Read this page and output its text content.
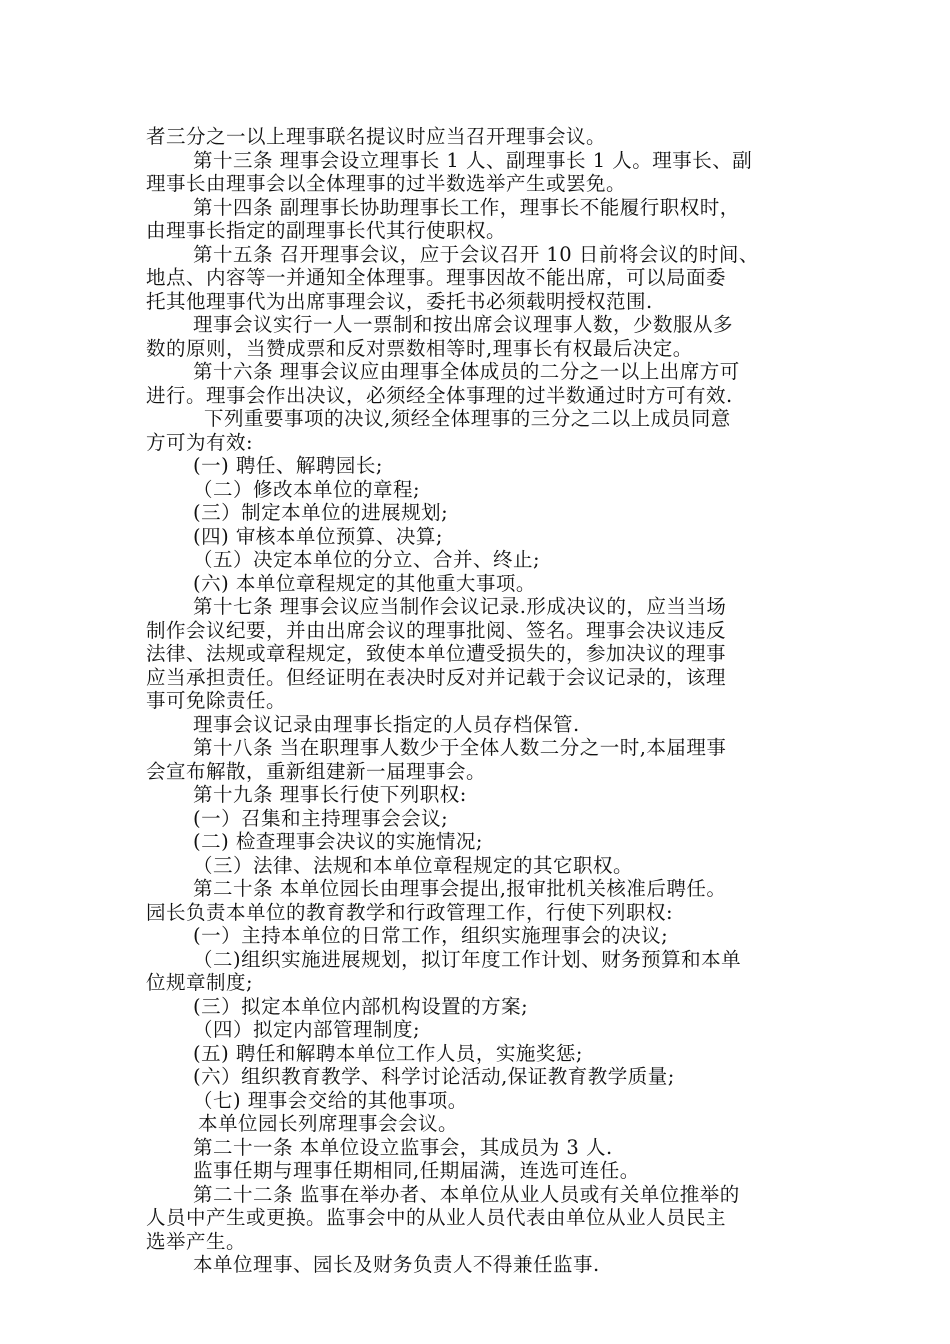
者三分之一以上理事联名提议时应当召开理事会议。
第十三条 理事会设立理事长 1 人、副理事长 1 人。理事长、副
理事长由理事会以全体理事的过半数选举产生或罢免。
第十四条 副理事长协助理事长工作，理事长不能履行职权时，
由理事长指定的副理事长代其行使职权。
第十五条 召开理事会议，应于会议召开 10 日前将会议的时间、
地点、内容等一并通知全体理事。理事因故不能出席，可以局面委
托其他理事代为出席事理会议，委托书必须载明授权范围.
理事会议实行一人一票制和按出席会议理事人数，少数服从多
数的原则，当赞成票和反对票数相等时,理事长有权最后决定。
第十六条 理事会议应由理事全体成员的二分之一以上出席方可
进行。理事会作出决议，必须经全体事理的过半数通过时方可有效.
下列重要事项的决议,须经全体理事的三分之二以上成员同意
方可为有效:
(一) 聘任、解聘园长;
（二）修改本单位的章程;
(三）制定本单位的进展规划;
(四) 审核本单位预算、决算;
（五）决定本单位的分立、合并、终止;
(六) 本单位章程规定的其他重大事项。
第十七条 理事会议应当制作会议记录.形成决议的，应当当场
制作会议纪要，并由出席会议的理事批阅、签名。理事会决议违反
法律、法规或章程规定，致使本单位遭受损失的，参加决议的理事
应当承担责任。但经证明在表决时反对并记载于会议记录的，该理
事可免除责任。
理事会议记录由理事长指定的人员存档保管.
第十八条 当在职理事人数少于全体人数二分之一时,本届理事
会宣布解散，重新组建新一届理事会。
第十九条 理事长行使下列职权:
(一）召集和主持理事会会议;
(二) 检查理事会决议的实施情况;
（三）法律、法规和本单位章程规定的其它职权。
第二十条 本单位园长由理事会提出,报审批机关核准后聘任。
园长负责本单位的教育教学和行政管理工作，行使下列职权:
(一）主持本单位的日常工作，组织实施理事会的决议;
（二)组织实施进展规划，拟订年度工作计划、财务预算和本单
位规章制度;
(三）拟定本单位内部机构设置的方案;
（四）拟定内部管理制度;
(五) 聘任和解聘本单位工作人员，实施奖惩;
(六）组织教育教学、科学讨论活动,保证教育教学质量;
（七) 理事会交给的其他事项。
本单位园长列席理事会会议。
第二十一条 本单位设立监事会，其成员为 3 人.
监事任期与理事任期相同,任期届满，连选可连任。
第二十二条 监事在举办者、本单位从业人员或有关单位推举的
人员中产生或更换。监事会中的从业人员代表由单位从业人员民主
选举产生。
本单位理事、园长及财务负责人不得兼任监事.
